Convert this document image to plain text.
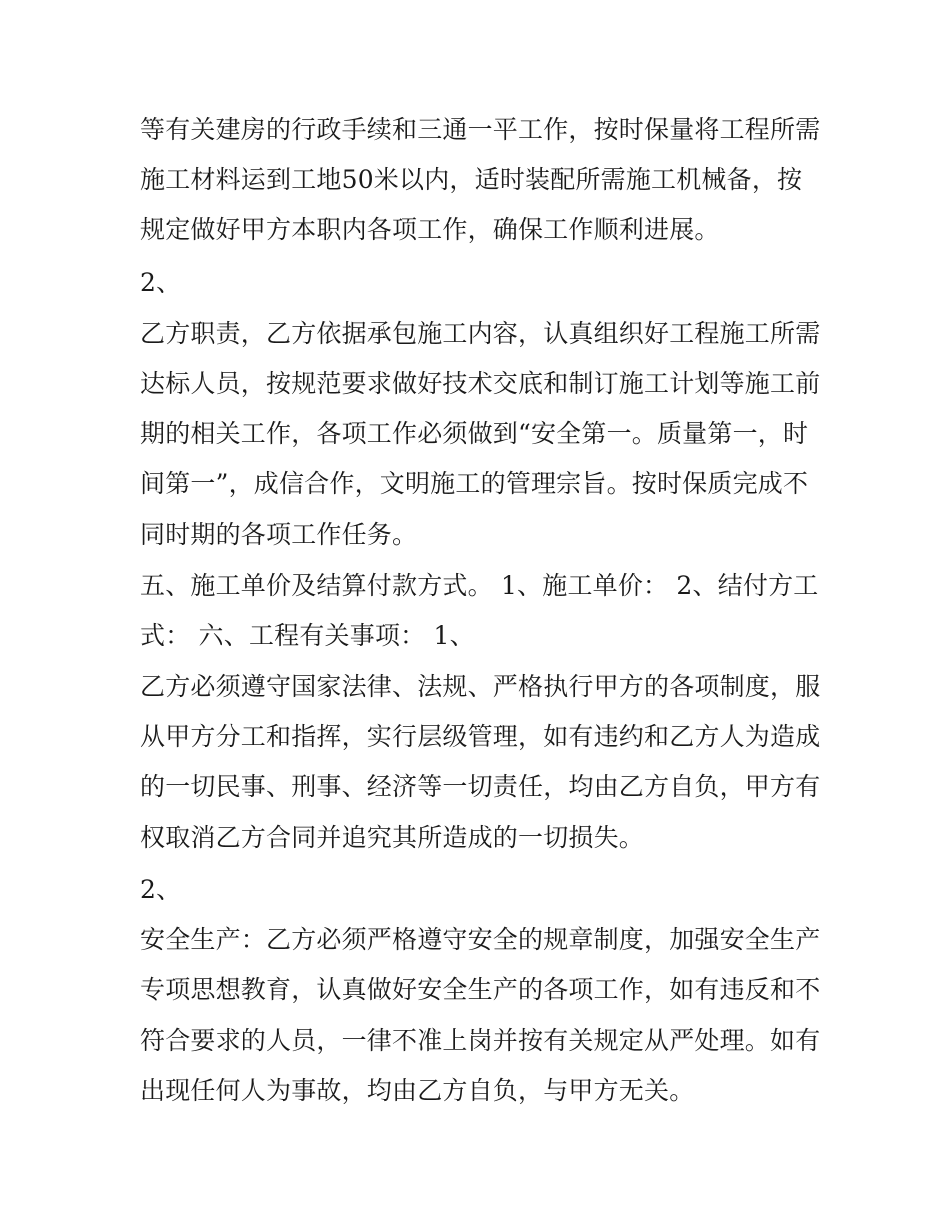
等有关建房的行政手续和三通一平工作，按时保量将工程所需
施工材料运到工地50米以内，适时装配所需施工机械备，按
规定做好甲方本职内各项工作，确保工作顺利进展。
2、
乙方职责，乙方依据承包施工内容，认真组织好工程施工所需
达标人员，按规范要求做好技术交底和制订施工计划等施工前
期的相关工作，各项工作必须做到“安全第一。质量第一，时
间第一”，成信合作，文明施工的管理宗旨。按时保质完成不
同时期的各项工作任务。
五、施工单价及结算付款方式。 1、施工单价： 2、结付方工
式： 六、工程有关事项： 1、
乙方必须遵守国家法律、法规、严格执行甲方的各项制度，服
从甲方分工和指挥，实行层级管理，如有违约和乙方人为造成
的一切民事、刑事、经济等一切责任，均由乙方自负，甲方有
权取消乙方合同并追究其所造成的一切损失。
2、
安全生产：乙方必须严格遵守安全的规章制度，加强安全生产
专项思想教育，认真做好安全生产的各项工作，如有违反和不
符合要求的人员，一律不准上岗并按有关规定从严处理。如有
出现任何人为事故，均由乙方自负，与甲方无关。
